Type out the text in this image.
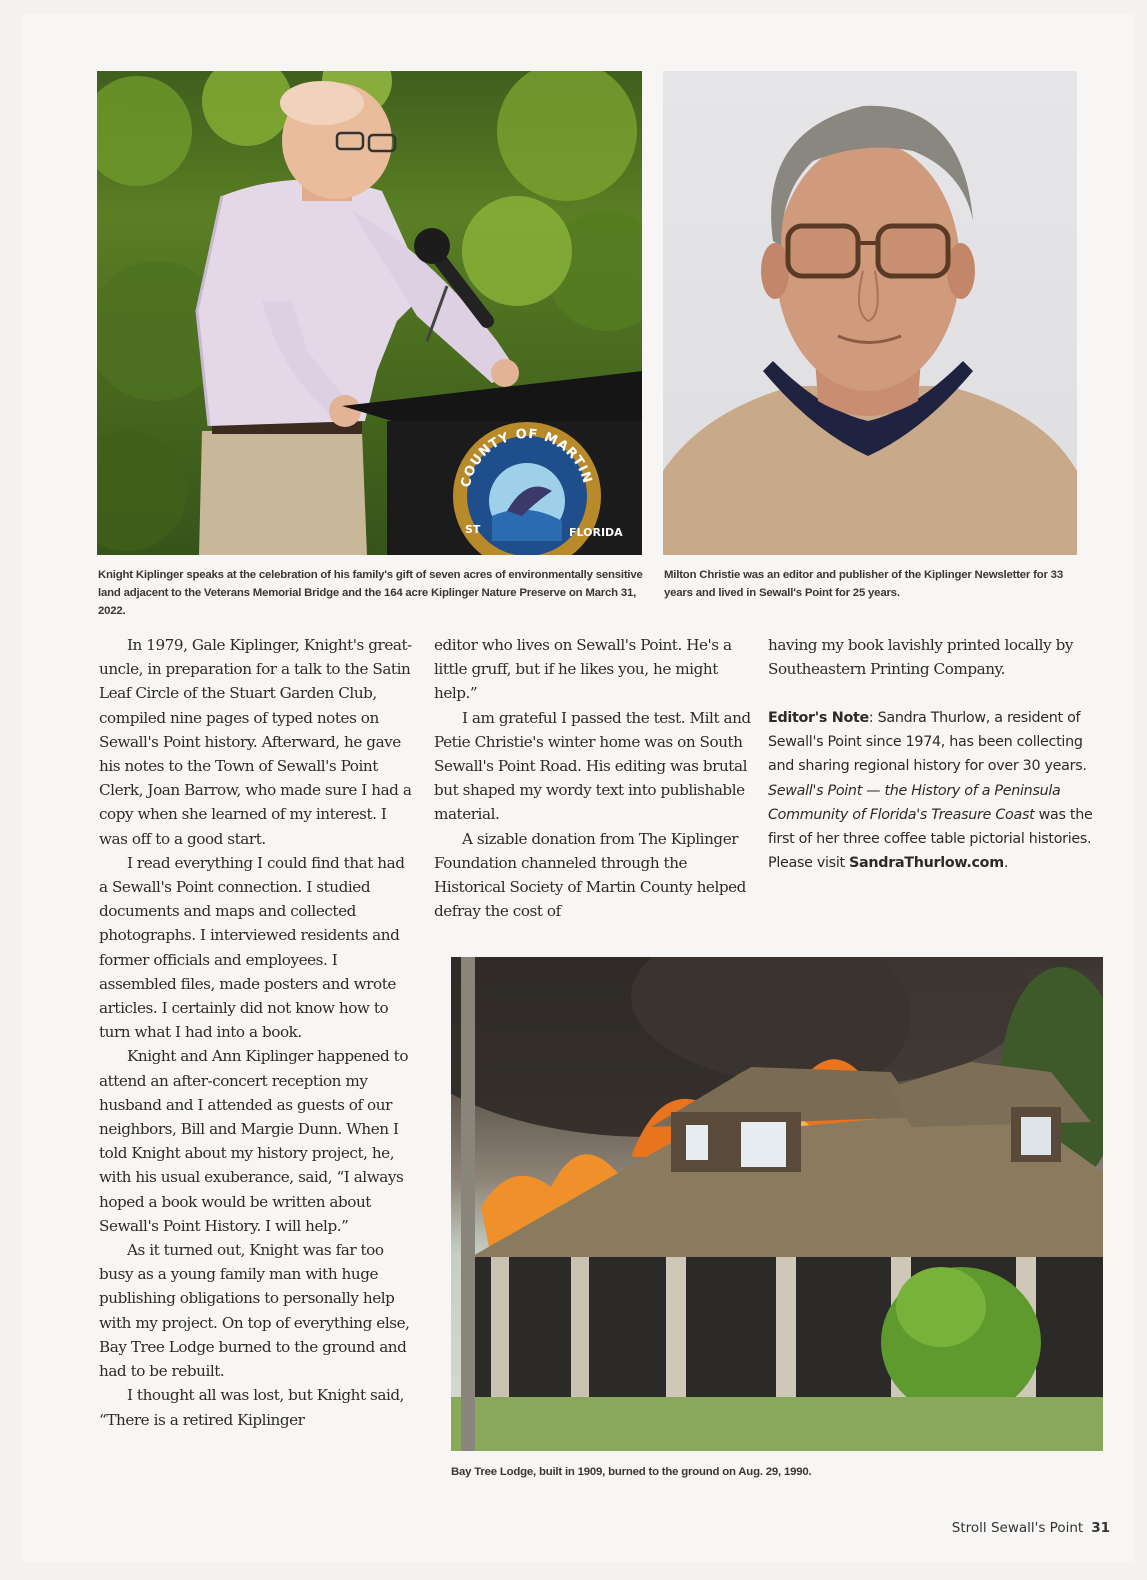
COUNTY OF MARTIN
ST	FLORIDA
Knight Kiplinger speaks at the celebration of his family's gift of seven acres of environmentally sensitive land adjacent to the Veterans Memorial Bridge and the 164 acre Kiplinger Nature Preserve on March 31, 2022.
Milton Christie was an editor and publisher of the Kiplinger Newsletter for 33 years and lived in Sewall's Point for 25 years.
Bay Tree Lodge, built in 1909, burned to the ground on Aug. 29, 1990.

In 1979, Gale Kiplinger, Knight's great-uncle, in preparation for a talk to the Satin Leaf Circle of the Stuart Garden Club, compiled nine pages of typed notes on Sewall's Point history. Afterward, he gave his notes to the Town of Sewall's Point Clerk, Joan Barrow, who made sure I had a copy when she learned of my interest. I was off to a good start.

I read everything I could find that had a Sewall's Point connection. I studied documents and maps and collected photographs. I interviewed residents and former officials and employees. I assembled files, made posters and wrote articles. I certainly did not know how to turn what I had into a book.

Knight and Ann Kiplinger happened to attend an after-concert reception my husband and I attended as guests of our neighbors, Bill and Margie Dunn. When I told Knight about my history project, he, with his usual exuberance, said, “I always hoped a book would be written about Sewall's Point History. I will help.”

As it turned out, Knight was far too busy as a young family man with huge publishing obligations to personally help with my project. On top of everything else, Bay Tree Lodge burned to the ground and had to be rebuilt.

I thought all was lost, but Knight said, “There is a retired Kiplinger

editor who lives on Sewall's Point. He's a little gruff, but if he likes you, he might help.”

I am grateful I passed the test. Milt and Petie Christie's winter home was on South Sewall's Point Road. His editing was brutal but shaped my wordy text into publishable material.

A sizable donation from The Kiplinger Foundation channeled through the Historical Society of Martin County helped defray the cost of

having my book lavishly printed locally by Southeastern Printing Company.

Editor's Note: Sandra Thurlow, a resident of Sewall's Point since 1974, has been collecting and sharing regional history for over 30 years. Sewall's Point — the History of a Peninsula Community of Florida's Treasure Coast was the first of her three coffee table pictorial histories. Please visit SandraThurlow.com.
Stroll Sewall's Point 31
